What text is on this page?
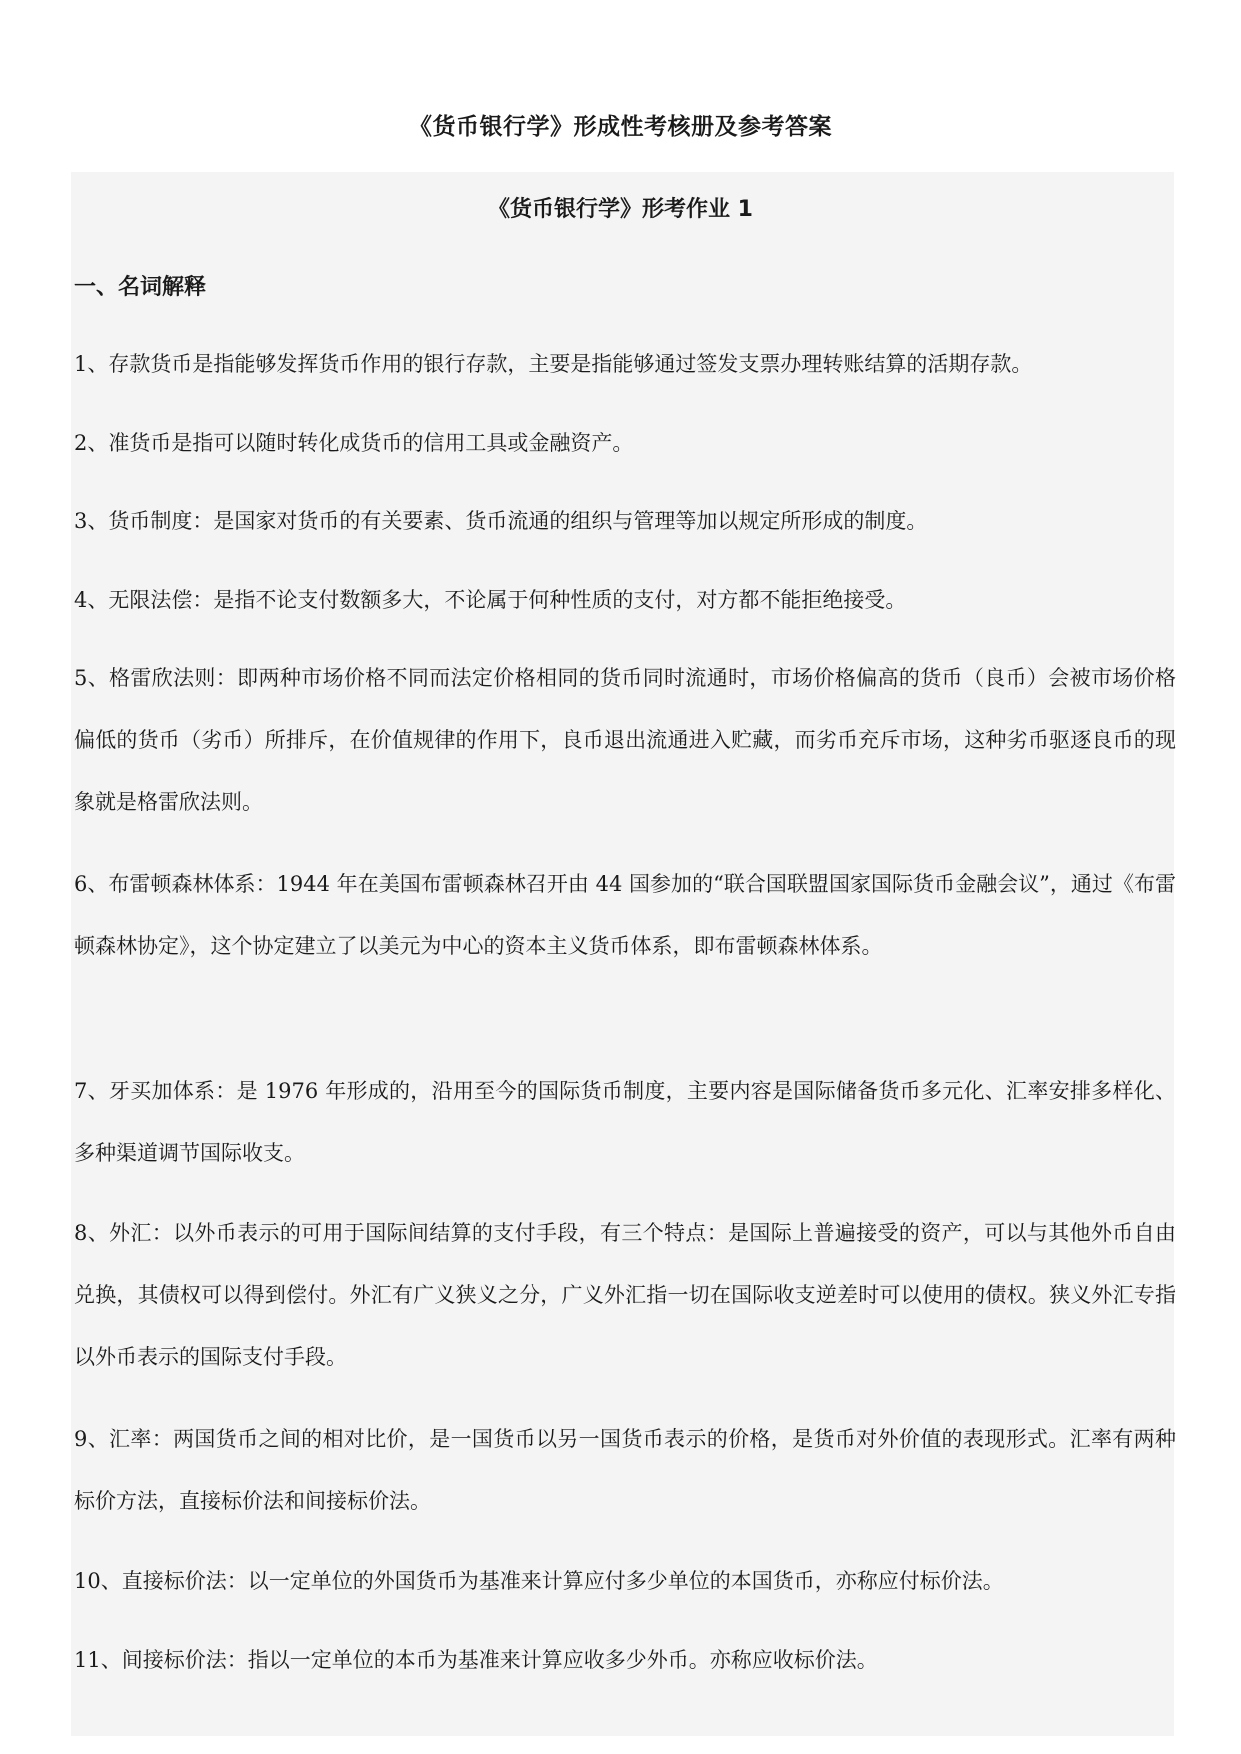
《货币银行学》形成性考核册及参考答案
《货币银行学》形考作业 1
一、名词解释
1、存款货币是指能够发挥货币作用的银行存款，主要是指能够通过签发支票办理转账结算的活期存款。
2、准货币是指可以随时转化成货币的信用工具或金融资产。
3、货币制度：是国家对货币的有关要素、货币流通的组织与管理等加以规定所形成的制度。
4、无限法偿：是指不论支付数额多大，不论属于何种性质的支付，对方都不能拒绝接受。
5、格雷欣法则：即两种市场价格不同而法定价格相同的货币同时流通时，市场价格偏高的货币（良币）会被市场价格偏低的货币（劣币）所排斥，在价值规律的作用下，良币退出流通进入贮藏，而劣币充斥市场，这种劣币驱逐良币的现象就是格雷欣法则。
6、布雷顿森林体系：1944 年在美国布雷顿森林召开由 44 国参加的“联合国联盟国家国际货币金融会议”，通过《布雷顿森林协定》，这个协定建立了以美元为中心的资本主义货币体系，即布雷顿森林体系。
7、牙买加体系：是 1976 年形成的，沿用至今的国际货币制度，主要内容是国际储备货币多元化、汇率安排多样化、多种渠道调节国际收支。
8、外汇：以外币表示的可用于国际间结算的支付手段，有三个特点：是国际上普遍接受的资产，可以与其他外币自由兑换，其债权可以得到偿付。外汇有广义狭义之分，广义外汇指一切在国际收支逆差时可以使用的债权。狭义外汇专指以外币表示的国际支付手段。
9、汇率：两国货币之间的相对比价，是一国货币以另一国货币表示的价格，是货币对外价值的表现形式。汇率有两种标价方法，直接标价法和间接标价法。
10、直接标价法：以一定单位的外国货币为基准来计算应付多少单位的本国货币，亦称应付标价法。
11、间接标价法：指以一定单位的本币为基准来计算应收多少外币。亦称应收标价法。
